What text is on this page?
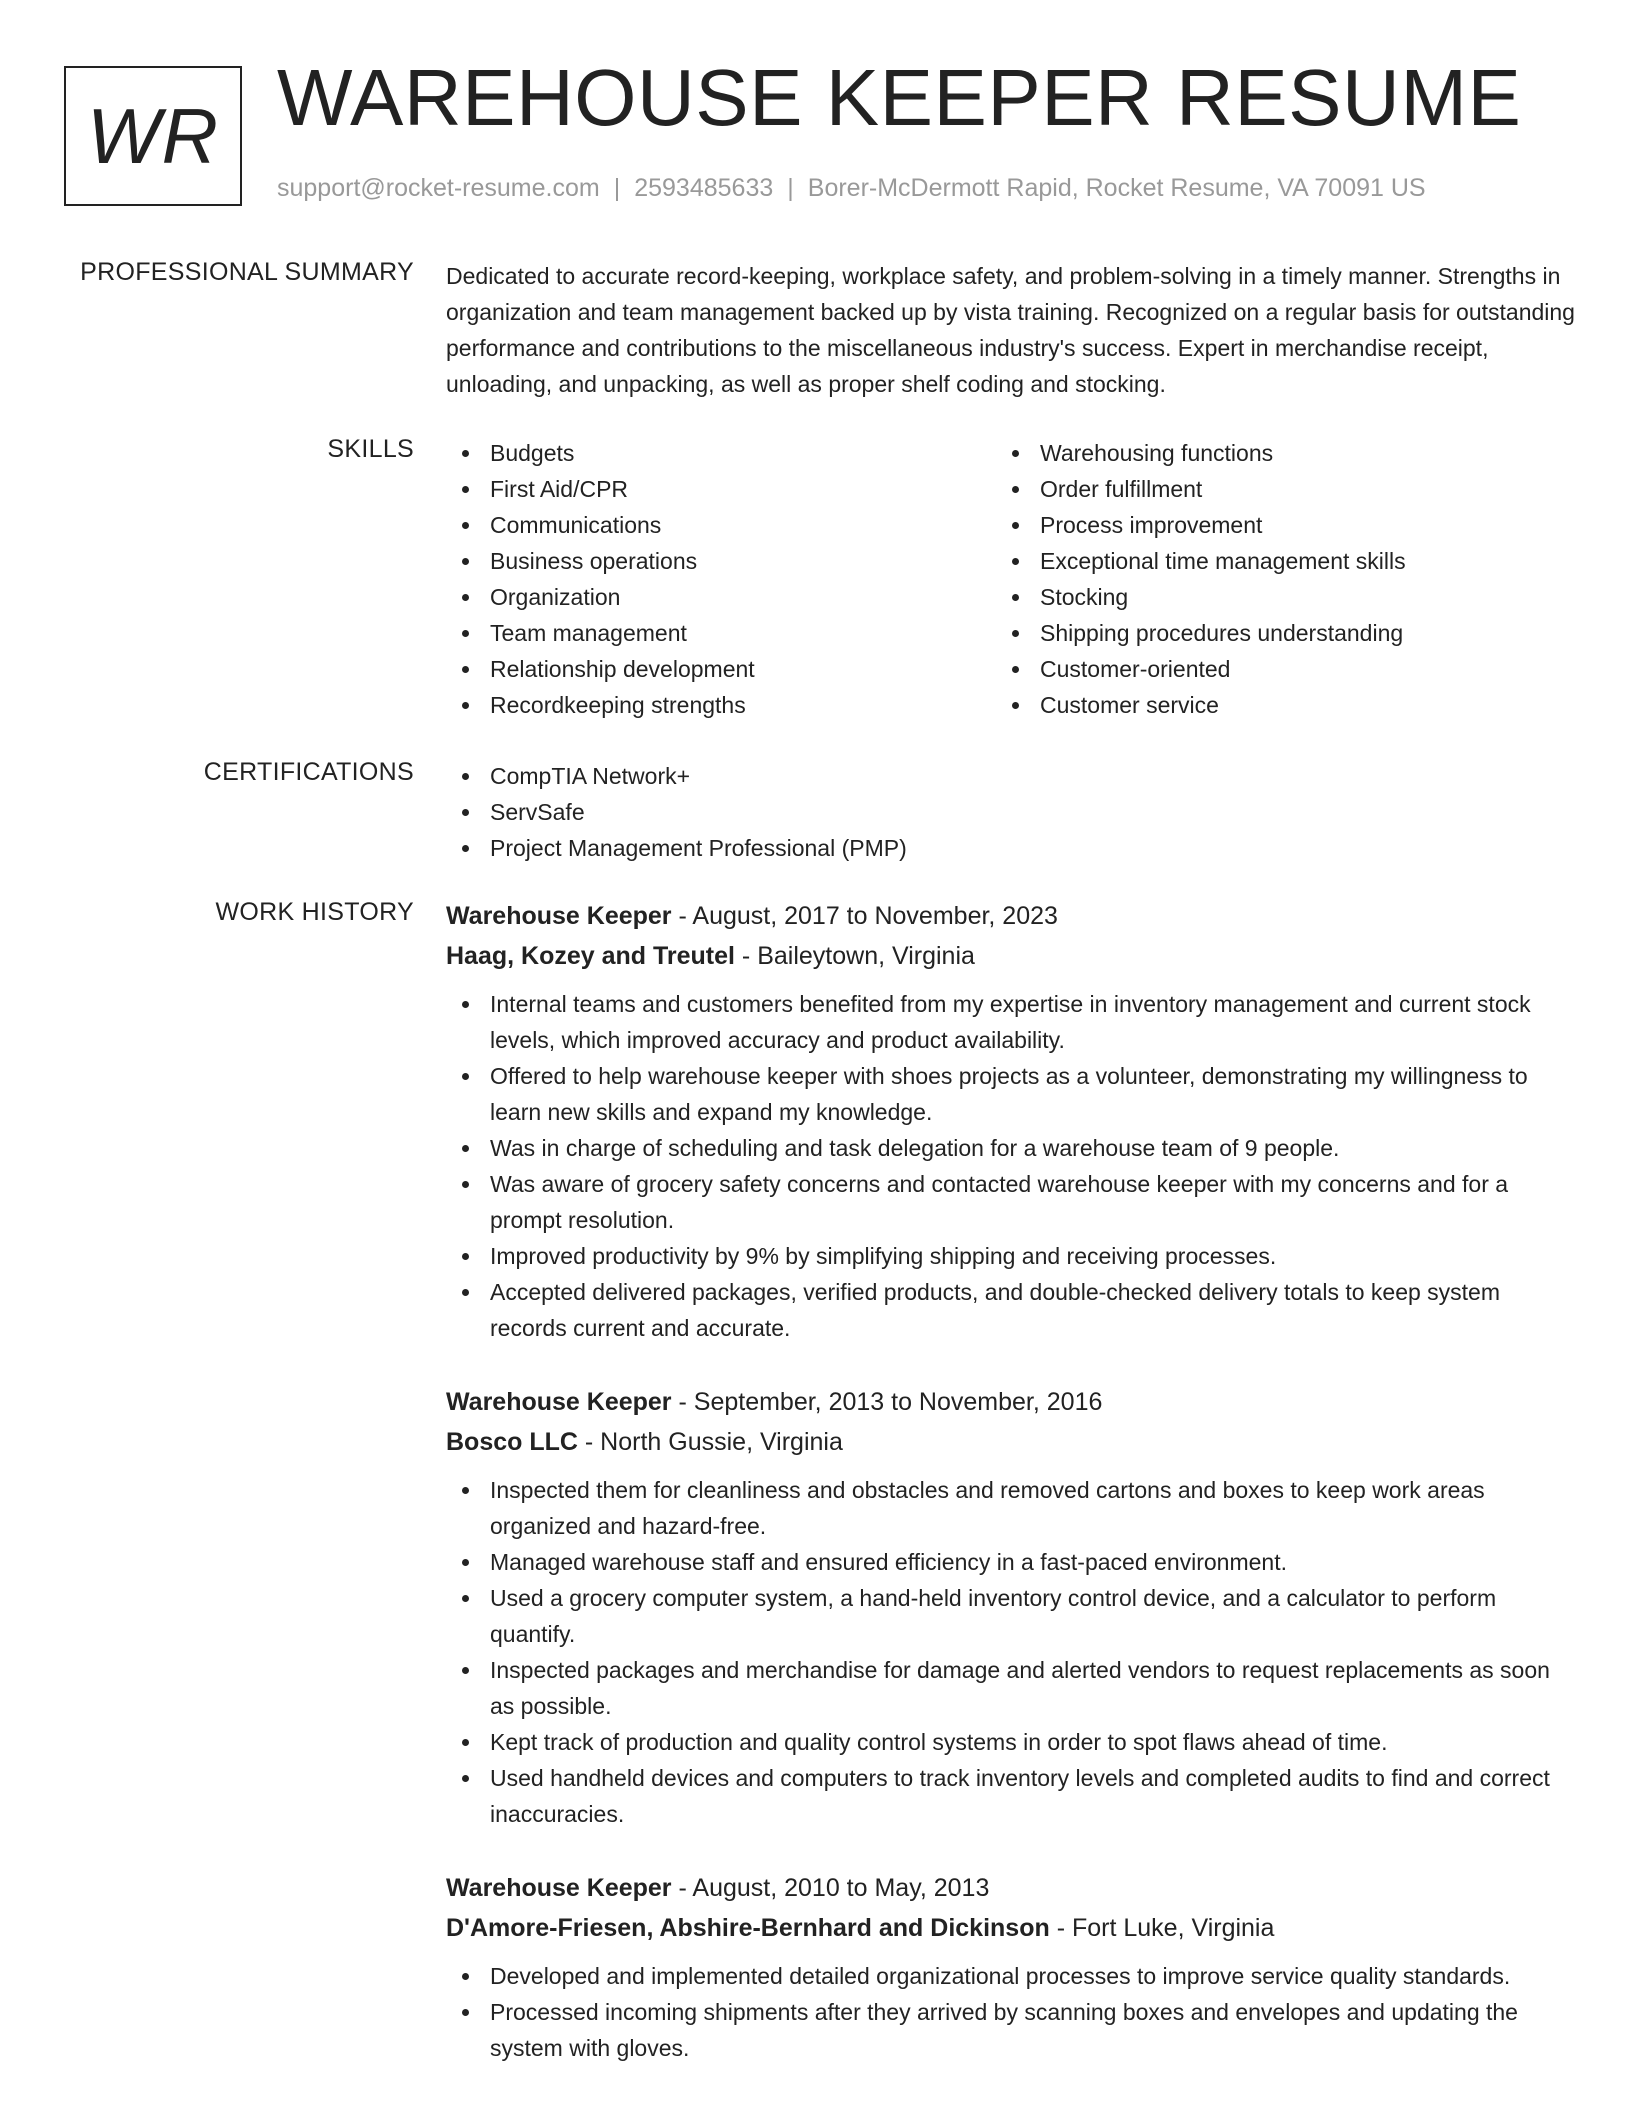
WR WAREHOUSE KEEPER RESUME
support@rocket-resume.com | 2593485633 | Borer-McDermott Rapid, Rocket Resume, VA 70091 US
PROFESSIONAL SUMMARY Dedicated to accurate record-keeping, workplace safety, and problem-solving in a timely manner. Strengths in organization and team management backed up by vista training. Recognized on a regular basis for outstanding performance and contributions to the miscellaneous industry's success. Expert in merchandise receipt, unloading, and unpacking, as well as proper shelf coding and stocking.

SKILLS	Budgets
First Aid/CPR
Communications
Business operations
Organization
Team management
Relationship development
Recordkeeping strengths
Warehousing functions
Order fulfillment
Process improvement
Exceptional time management skills
Stocking
Shipping procedures understanding
Customer-oriented
Customer service
CERTIFICATIONS	CompTIA Network+
ServSafe
Project Management Professional (PMP)
WORK HISTORY Warehouse Keeper - August, 2017 to November, 2023
Haag, Kozey and Treutel - Baileytown, Virginia
Internal teams and customers benefited from my expertise in inventory management and current stock levels, which improved accuracy and product availability.
Offered to help warehouse keeper with shoes projects as a volunteer, demonstrating my willingness to learn new skills and expand my knowledge.
Was in charge of scheduling and task delegation for a warehouse team of 9 people.
Was aware of grocery safety concerns and contacted warehouse keeper with my concerns and for a prompt resolution.
Improved productivity by 9% by simplifying shipping and receiving processes.
Accepted delivered packages, verified products, and double-checked delivery totals to keep system records current and accurate.
Warehouse Keeper - September, 2013 to November, 2016
Bosco LLC - North Gussie, Virginia
Inspected them for cleanliness and obstacles and removed cartons and boxes to keep work areas organized and hazard-free.
Managed warehouse staff and ensured efficiency in a fast-paced environment.
Used a grocery computer system, a hand-held inventory control device, and a calculator to perform quantify.
Inspected packages and merchandise for damage and alerted vendors to request replacements as soon as possible.
Kept track of production and quality control systems in order to spot flaws ahead of time.
Used handheld devices and computers to track inventory levels and completed audits to find and correct inaccuracies.
Warehouse Keeper - August, 2010 to May, 2013
D'Amore-Friesen, Abshire-Bernhard and Dickinson - Fort Luke, Virginia
Developed and implemented detailed organizational processes to improve service quality standards.
Processed incoming shipments after they arrived by scanning boxes and envelopes and updating the system with gloves.
